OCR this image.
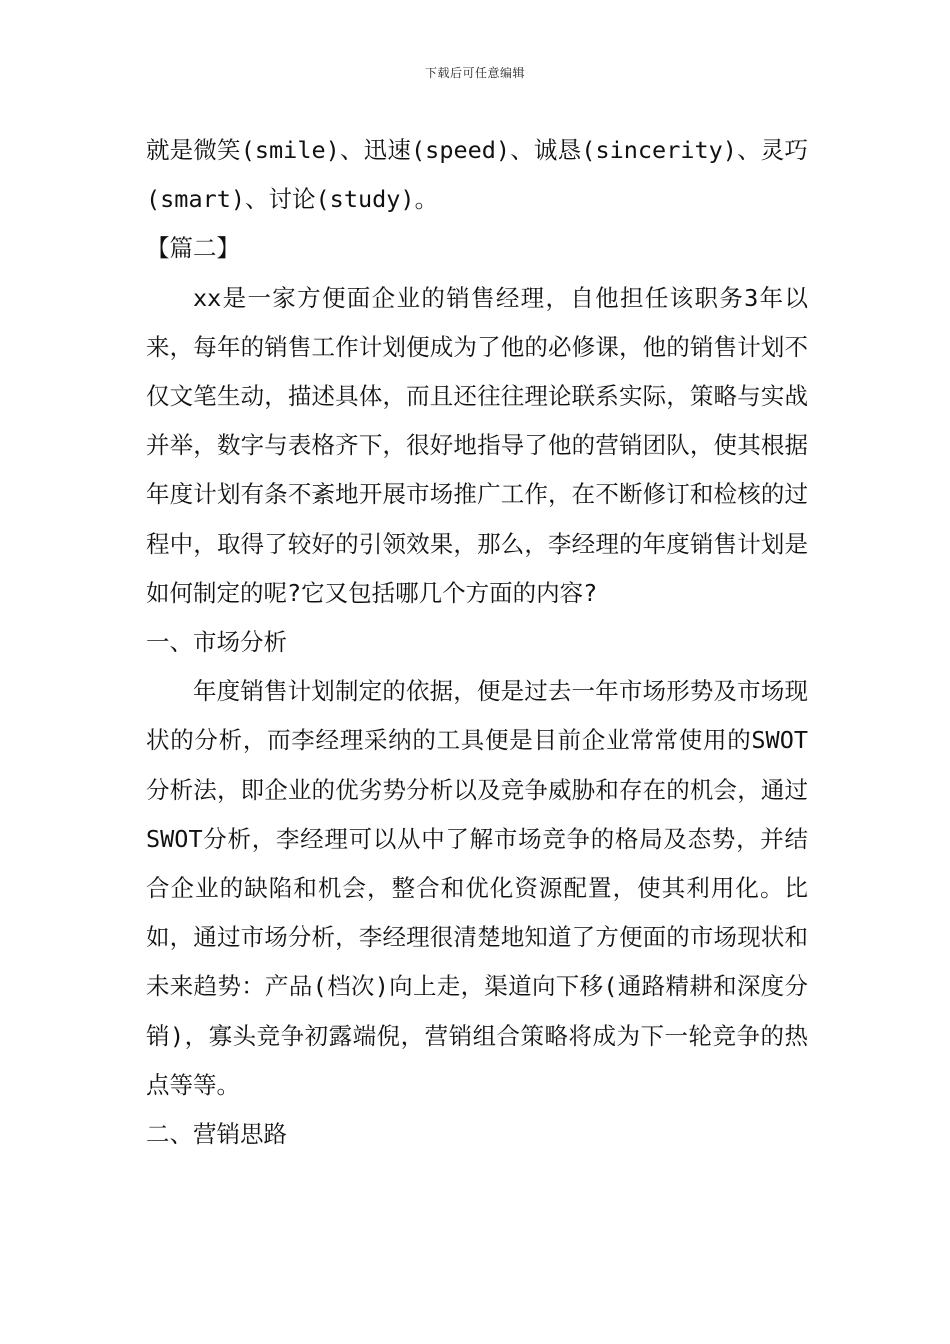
下载后可任意编辑

就是微笑(smile)、迅速(speed)、诚恳(sincerity)、灵巧(smart)、讨论(study)。

【篇二】

xx是一家方便面企业的销售经理，自他担任该职务3年以来，每年的销售工作计划便成为了他的必修课，他的销售计划不仅文笔生动，描述具体，而且还往往理论联系实际，策略与实战并举，数字与表格齐下，很好地指导了他的营销团队，使其根据年度计划有条不紊地开展市场推广工作，在不断修订和检核的过程中，取得了较好的引领效果，那么，李经理的年度销售计划是如何制定的呢?它又包括哪几个方面的内容?

一、市场分析

年度销售计划制定的依据，便是过去一年市场形势及市场现状的分析，而李经理采纳的工具便是目前企业常常使用的SWOT分析法，即企业的优劣势分析以及竞争威胁和存在的机会，通过SWOT分析，李经理可以从中了解市场竞争的格局及态势，并结合企业的缺陷和机会，整合和优化资源配置，使其利用化。比如，通过市场分析，李经理很清楚地知道了方便面的市场现状和未来趋势：产品(档次)向上走，渠道向下移(通路精耕和深度分销)，寡头竞争初露端倪，营销组合策略将成为下一轮竞争的热点等等。

二、营销思路
